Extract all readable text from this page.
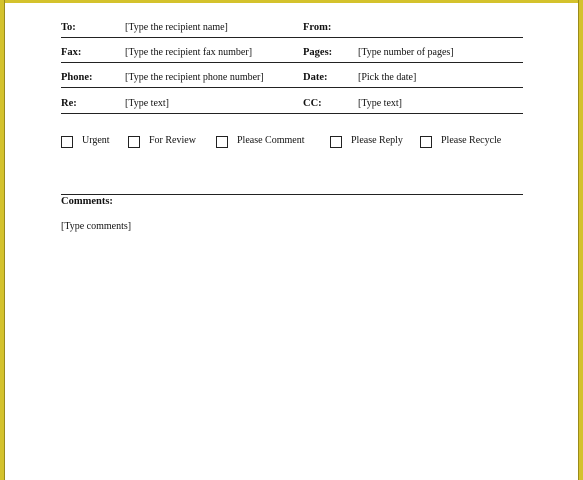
To:	[Type the recipient name]	From:
Fax:	[Type the recipient fax number]	Pages:	[Type number of pages]
Phone:	[Type the recipient phone number]	Date:	[Pick the date]
Re:	[Type text]	CC:	[Type text]
Urgent	For Review	Please Comment	Please Reply	Please Recycle
Comments:
[Type comments]
